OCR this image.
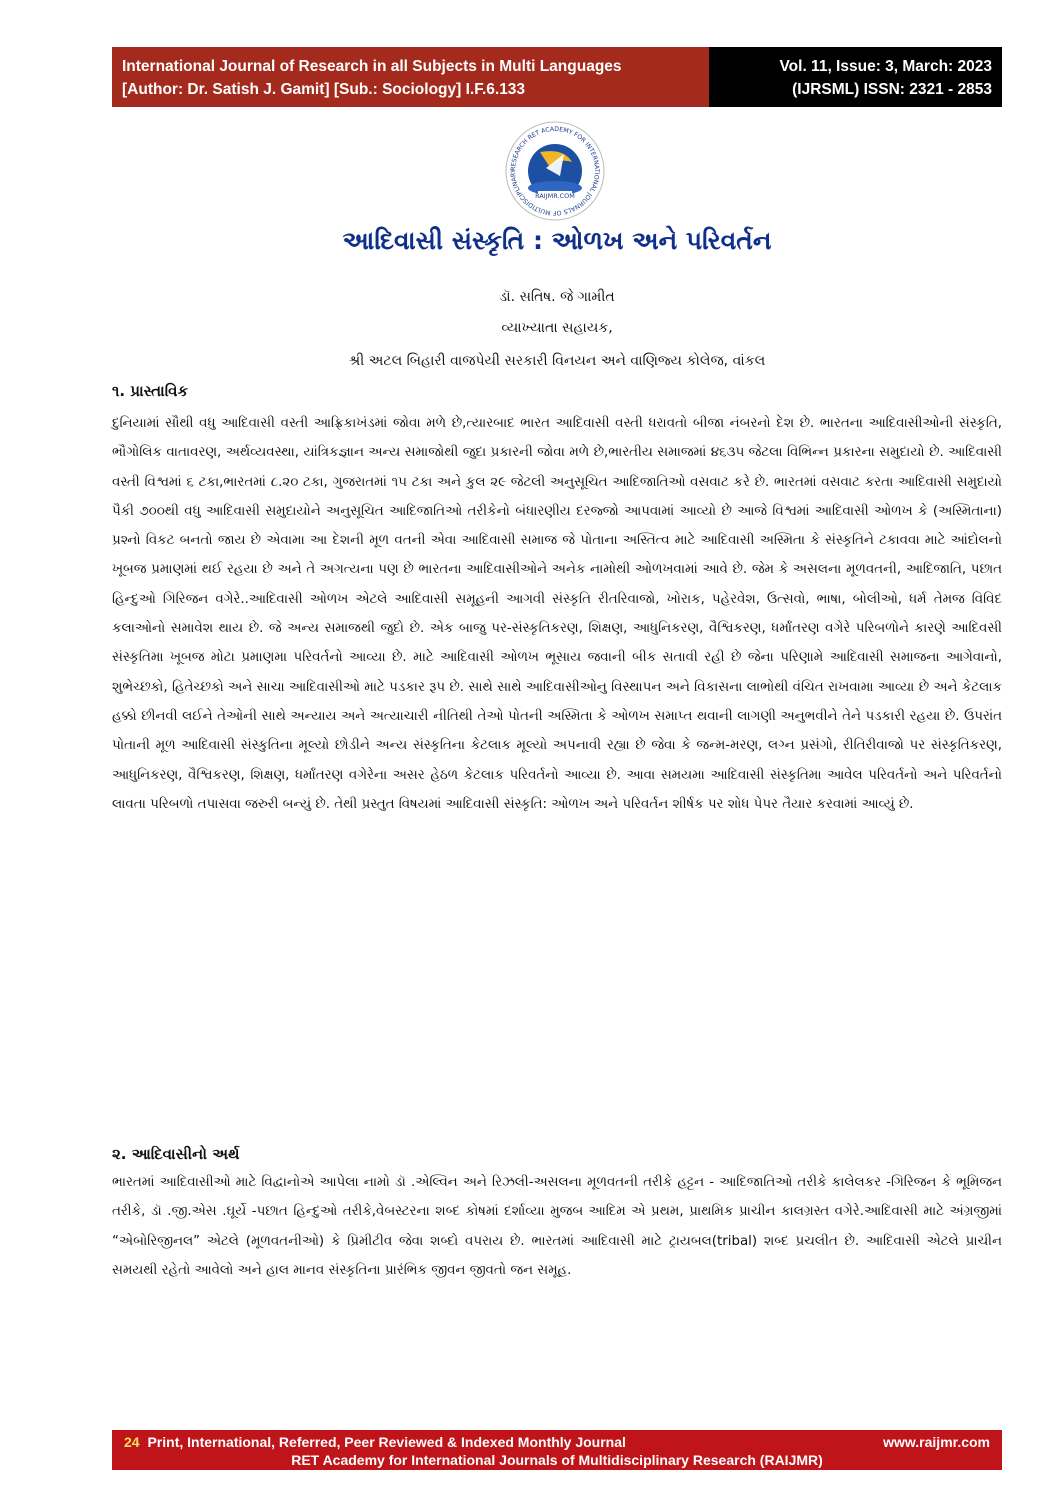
International Journal of Research in all Subjects in Multi Languages
[Author: Dr. Satish J. Gamit] [Sub.: Sociology] I.F.6.133
Vol. 11, Issue: 3, March: 2023
(IJRSML) ISSN: 2321 - 2853
RESEARCH RET ACADEMY FOR INTERNATIONAL JOURNALS OF MULTIDISCIPLINARY
RAIJMR.COM
આદિવાસી સંસ્કૃતિ : ઓળખ અને પરિવર્તન
ડૉ. સતિષ. જે ગામીત
વ્યાખ્યાતા સહાયક,
શ્રી અટલ બિહારી વાજપેયી સરકારી વિનયન અને વાણિજ્ય કોલેજ, વાંકલ
૧. પ્રાસ્તાવિક
દુનિયામાં સૌથી વધુ આદિવાસી વસ્તી આફ્રિકાખંડમાં જોવા મળે છે,ત્યારબાદ ભારત આદિવાસી વસ્તી ધરાવતો બીજા નંબરનો દેશ છે. ભારતના આદિવાસીઓની સંસ્કૃતિ, ભૌગોલિક વાતાવરણ, અર્થવ્યવસ્થા, યાંત્રિકજ્ઞાન અન્ય સમાજોથી જુદા પ્રકારની જોવા મળે છે,ભારતીય સમાજમાં ૪૬૩૫ જેટલા વિભિન્ન પ્રકારના સમુદાયો છે. આદિવાસી વસ્તી વિશ્વમાં ૬ ટકા,ભારતમાં ૮.૨૦ ટકા, ગુજરાતમાં ૧૫ ટકા અને કુલ ૨૯ જેટલી અનુસૂચિત આદિજાતિઓ વસવાટ કરે છે. ભારતમાં વસવાટ કરતા આદિવાસી સમુદાયો પૈકી ૭૦૦થી વધુ આદિવાસી સમુદાયોને અનુસૂચિત આદિજાતિઓ તરીકેનો બંધારણીય દરજ્જો આપવામાં આવ્યો છે આજે વિશ્વમાં આદિવાસી ઓળખ કે (અસ્મિતાના) પ્રશ્નો વિકટ બનતો જાય છે એવામા આ દેશની મૂળ વતની એવા આદિવાસી સમાજ જે પોતાના અસ્તિત્વ માટે આદિવાસી અસ્મિતા કે સંસ્કૃતિને ટકાવવા માટે આંદોલનો ખૂબજ પ્રમાણમાં થઈ રહયા છે અને તે અગત્યના પણ છે ભારતના આદિવાસીઓને અનેક નામોથી ઓળખવામાં આવે છે. જેમ કે અસલના મૂળવતની, આદિજાતિ, પછાત હિન્દુઓ ગિરિજન વગેરે..આદિવાસી ઓળખ એટલે આદિવાસી સમૂહની આગવી સંસ્કૃતિ રીતરિવાજો, ખોરાક, પહેરવેશ, ઉત્સવો, ભાષા, બોલીઓ, ધર્મ તેમજ વિવિદ કલાઓનો સમાવેશ થાય છે. જે અન્ય સમાજથી જુદો છે. એક બાજુ પર-સંસ્કૃતિકરણ, શિક્ષણ, આધુનિકરણ, વૈશ્વિકરણ, ધર્માંતરણ વગેરે પરિબળોને કારણે આદિવસી સંસ્કૃતિમા ખૂબજ મોટા પ્રમાણમા પરિવર્તનો આવ્યા છે. માટે આદિવાસી ઓળખ ભૂસાય જવાની બીક સતાવી રહી છે જેના પરિણામે આદિવાસી સમાજના આગેવાનો, શુભેચ્છકો, હિતેચ્છકો અને સાચા આદિવાસીઓ માટે પડકાર રૂપ છે. સાથે સાથે આદિવાસીઓનુ વિસ્થાપન અને વિકાસના લાભોથી વંચિત રાખવામા આવ્યા છે અને કેટલાક હક્કો છીનવી લઈને તેઓની સાથે અન્યાય અને અત્યાચારી નીતિથી તેઓ પોતની અસ્મિતા કે ઓળખ સમાપ્ત થવાની લાગણી અનુભવીને તેને પડકારી રહયા છે. ઉપરાંત પોતાની મૂળ આદિવાસી સંસ્કુતિના મૂલ્યો છોડીને અન્ય સંસ્કૃતિના કેટલાક મૂલ્યો અપનાવી રહ્યા છે જેવા કે જન્મ-મરણ, લગ્ન પ્રસંગો, રીતિરીવાજો પર સંસ્કૃતિકરણ, આધુનિકરણ, વૈશ્વિકરણ, શિક્ષણ, ધર્માંતરણ વગેરેના અસર હેઠળ કેટલાક પરિવર્તનો આવ્યા છે. આવા સમયમા આદિવાસી સંસ્કૃતિમા આવેલ પરિવર્તનો અને પરિવર્તનો લાવતા પરિબળો તપાસવા જરુરી બન્યું છે. તેથી પ્રસ્તુત વિષયમાં આદિવાસી સંસ્કૃતિ: ઓળખ અને પરિવર્તન શીર્ષક પર શોધ પેપર તૈયાર કરવામાં આવ્યું છે.
૨. આદિવાસીનો અર્થ
ભારતમાં આદિવાસીઓ માટે વિદ્વાનોએ આપેલા નામો ડૉ .એલ્વિન અને રિઝલી-અસલના મૂળવતની તરીકે હટ્ટન - આદિજાતિઓ તરીકે કાલેલકર -ગિરિજન કે ભૂમિજન તરીકે, ડૉ .જી.એસ .ઘૂર્યે -પછાત હિન્દુઓ તરીકે,વેબસ્ટરના શબ્દ કોષમાં દર્શાવ્યા મુજબ આદિમ એ પ્રથમ, પ્રાથમિક પ્રાચીન કાલગ્રસ્ત વગેરે.આદિવાસી માટે અંગ્રજીમાં “એબોરિજીનલ” એટલે (મૂળવતનીઓ) કે પ્રિમીટીવ જેવા શબ્દો વપરાય છે. ભારતમાં આદિવાસી માટે ટ્રાયબલ(tribal) શબ્દ પ્રચલીત છે. આદિવાસી એટલે પ્રાચીન સમયથી રહેતો આવેલો અને હાલ માનવ સંસ્કૃતિના પ્રારંભિક જીવન જીવતો જન સમૂહ.
24 Print, International, Referred, Peer Reviewed & Indexed Monthly Journal	www.raijmr.com
RET Academy for International Journals of Multidisciplinary Research (RAIJMR)
